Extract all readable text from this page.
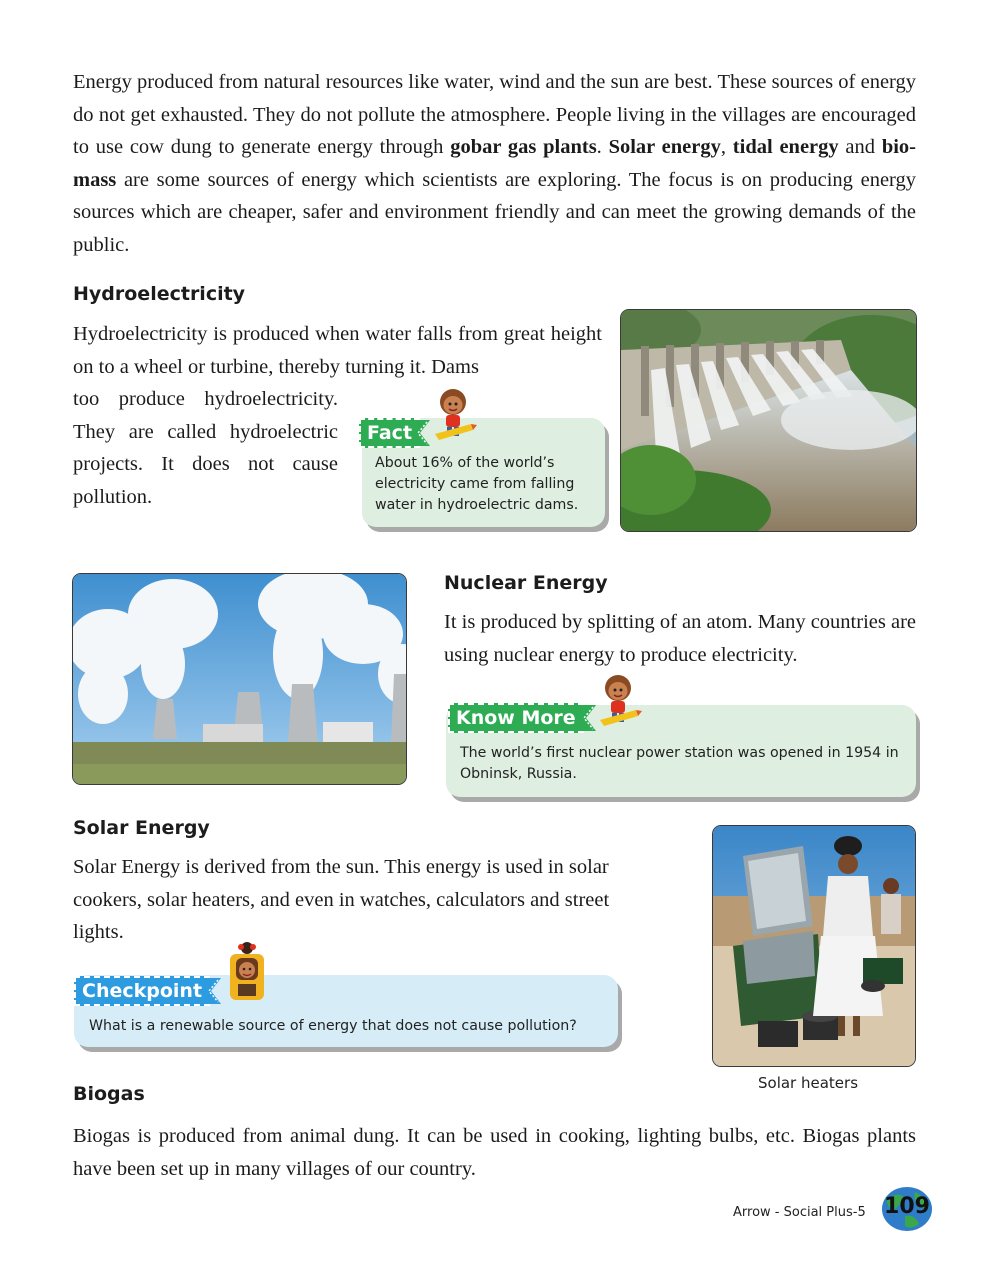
Energy produced from natural resources like water, wind and the sun are best. These sources of energy do not get exhausted. They do not pollute the atmosphere. People living in the villages are encouraged to use cow dung to generate energy through gobar gas plants. Solar energy, tidal energy and bio-mass are some sources of energy which scientists are exploring. The focus is on producing energy sources which are cheaper, safer and environment friendly and can meet the growing demands of the public.
Hydroelectricity
Hydroelectricity is produced when water falls from great height on to a wheel or turbine, thereby turning it. Dams
too produce hydroelectricity. They are called hydroelectric projects. It does not cause pollution.
Fact
About 16% of the world’s electricity came from falling water in hydroelectric dams.
Nuclear Energy
It is produced by splitting of an atom. Many countries are using nuclear energy to produce electricity.
Know More
The world’s first nuclear power station was opened in 1954 in Obninsk, Russia.
Solar Energy
Solar Energy is derived from the sun. This energy is used in solar cookers, solar heaters, and even in watches, calculators and street lights.
Checkpoint
What is a renewable source of energy that does not cause pollution?
Solar heaters
Biogas
Biogas is produced from animal dung. It can be used in cooking, lighting bulbs, etc. Biogas plants have been set up in many villages of our country.
Arrow - Social Plus-5 109
